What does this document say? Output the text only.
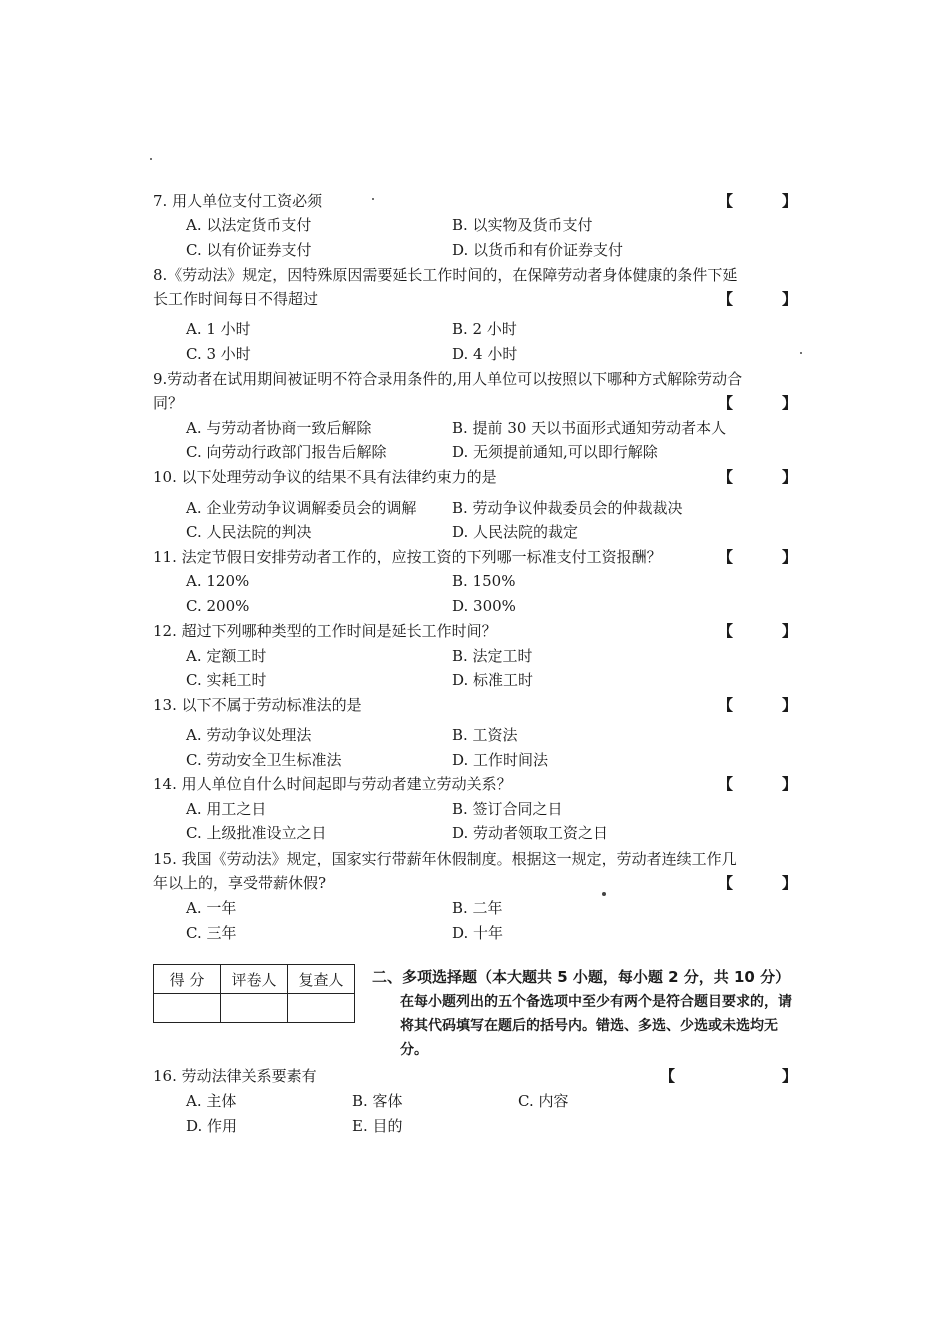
7. 用人单位支付工资必须	【	】
A. 以法定货币支付	B. 以实物及货币支付
C. 以有价证券支付	D. 以货币和有价证券支付
8.《劳动法》规定，因特殊原因需要延长工作时间的，在保障劳动者身体健康的条件下延
长工作时间每日不得超过	【	】
A. 1 小时	B. 2 小时
C. 3 小时	D. 4 小时
9.劳动者在试用期间被证明不符合录用条件的,用人单位可以按照以下哪种方式解除劳动合
同？	【	】
A. 与劳动者协商一致后解除	B. 提前 30 天以书面形式通知劳动者本人
C. 向劳动行政部门报告后解除	D. 无须提前通知,可以即行解除
10. 以下处理劳动争议的结果不具有法律约束力的是	【	】
A. 企业劳动争议调解委员会的调解 B. 劳动争议仲裁委员会的仲裁裁决
C. 人民法院的判决	D. 人民法院的裁定
11. 法定节假日安排劳动者工作的，应按工资的下列哪一标准支付工资报酬？	【	】
A. 120%	B. 150%
C. 200%	D. 300%
12. 超过下列哪种类型的工作时间是延长工作时间？	【	】
A. 定额工时	B. 法定工时
C. 实耗工时	D. 标准工时
13. 以下不属于劳动标准法的是	【	】
A. 劳动争议处理法	B. 工资法
C. 劳动安全卫生标准法	D. 工作时间法
14. 用人单位自什么时间起即与劳动者建立劳动关系？	【	】
A. 用工之日	B. 签订合同之日
C. 上级批准设立之日	D. 劳动者领取工资之日
15. 我国《劳动法》规定，国家实行带薪年休假制度。根据这一规定，劳动者连续工作几
年以上的，享受带薪休假?	【	】
A. 一年	B. 二年
C. 三年	D. 十年
得 分	评卷人	复查人
		二、多项选择题（本大题共 5 小题，每小题 2 分，共 10 分）
在每小题列出的五个备选项中至少有两个是符合题目要求的，请将其代码填写在题后的括号内。错选、多选、少选或未选均无分。
16. 劳动法律关系要素有	【	】
A. 主体	B. 客体	C. 内容
D. 作用	E. 目的
